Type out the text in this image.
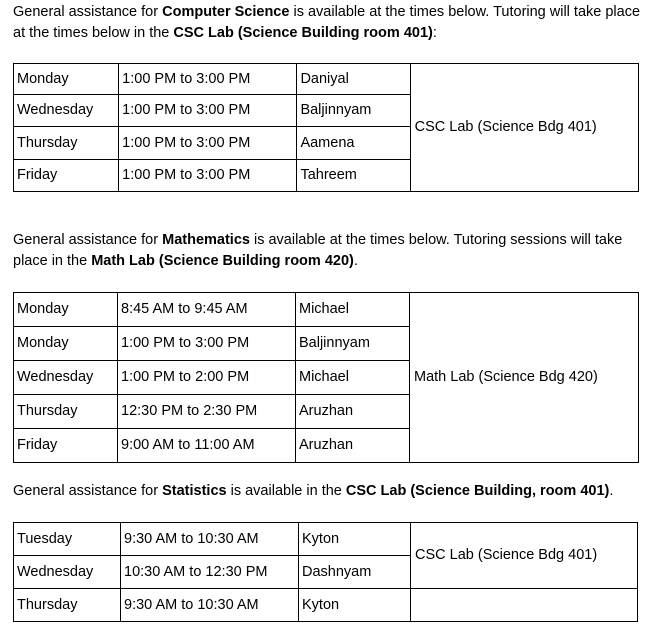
General assistance for Computer Science is available at the times below. Tutoring will take place at the times below in the CSC Lab (Science Building room 401):

Monday	1:00 PM to 3:00 PM	Daniyal	CSC Lab (Science Bdg 401)
Wednesday	1:00 PM to 3:00 PM	Baljinnyam	
Thursday	1:00 PM to 3:00 PM	Aamena	
Friday	1:00 PM to 3:00 PM	Tahreem	

General assistance for Mathematics is available at the times below. Tutoring sessions will take place in the Math Lab (Science Building room 420).

Monday	8:45 AM to 9:45 AM	Michael	Math Lab (Science Bdg 420)
Monday	1:00 PM to 3:00 PM	Baljinnyam	
Wednesday	1:00 PM to 2:00 PM	Michael	
Thursday	12:30 PM to 2:30 PM	Aruzhan	
Friday	9:00 AM to 11:00 AM	Aruzhan	

General assistance for Statistics is available in the CSC Lab (Science Building, room 401).

Tuesday	9:30 AM to 10:30 AM	Kyton	CSC Lab (Science Bdg 401)
Wednesday	10:30 AM to 12:30 PM	Dashnyam	
Thursday	9:30 AM to 10:30 AM	Kyton	
